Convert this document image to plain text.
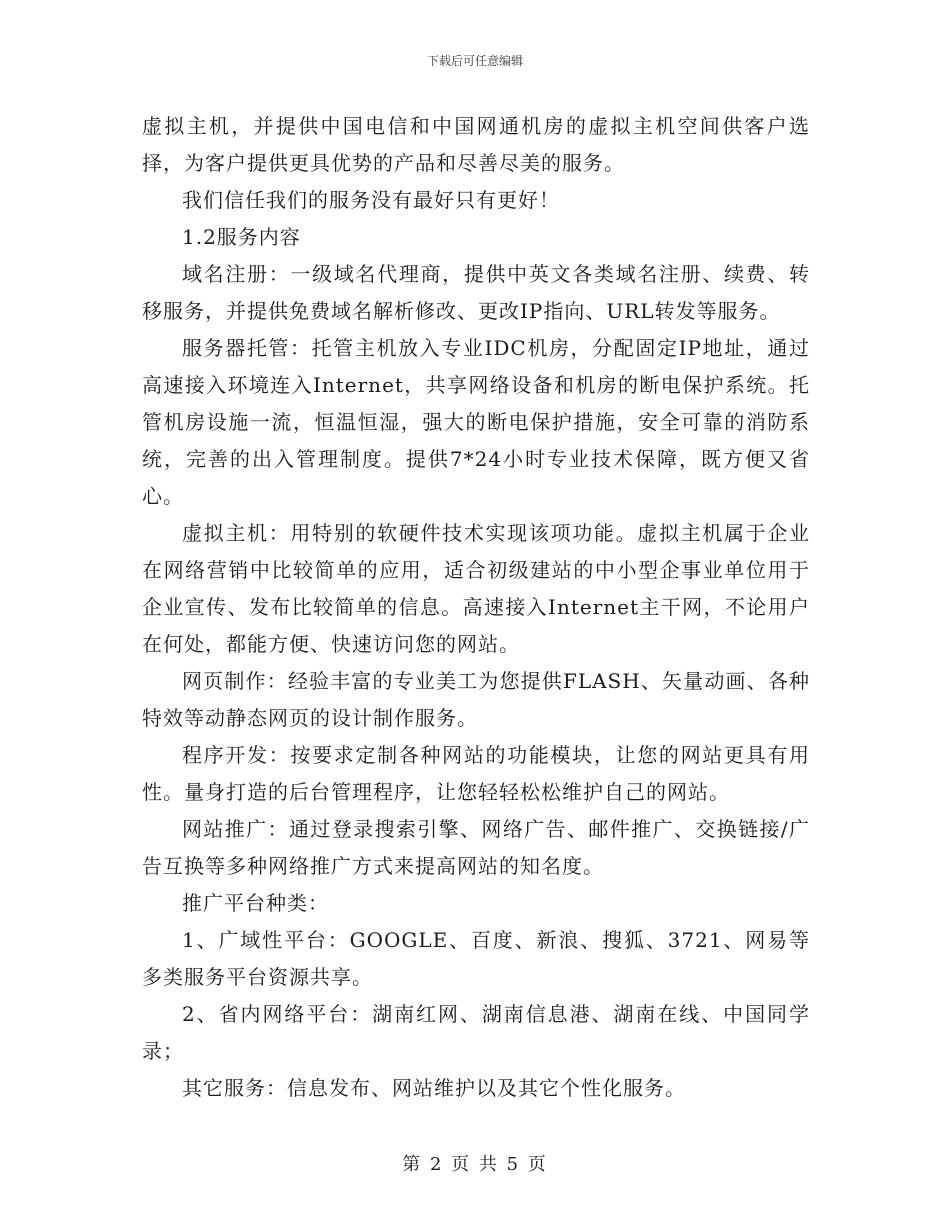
下载后可任意编辑

虚拟主机，并提供中国电信和中国网通机房的虚拟主机空间供客户选择，为客户提供更具优势的产品和尽善尽美的服务。

我们信任我们的服务没有最好只有更好！

1.2服务内容

域名注册：一级域名代理商，提供中英文各类域名注册、续费、转移服务，并提供免费域名解析修改、更改IP指向、URL转发等服务。

服务器托管：托管主机放入专业IDC机房，分配固定IP地址，通过高速接入环境连入Internet，共享网络设备和机房的断电保护系统。托管机房设施一流，恒温恒湿，强大的断电保护措施，安全可靠的消防系统，完善的出入管理制度。提供7*24小时专业技术保障，既方便又省心。

虚拟主机：用特别的软硬件技术实现该项功能。虚拟主机属于企业在网络营销中比较简单的应用，适合初级建站的中小型企事业单位用于企业宣传、发布比较简单的信息。高速接入Internet主干网，不论用户在何处，都能方便、快速访问您的网站。

网页制作：经验丰富的专业美工为您提供FLASH、矢量动画、各种特效等动静态网页的设计制作服务。

程序开发：按要求定制各种网站的功能模块，让您的网站更具有用性。量身打造的后台管理程序，让您轻轻松松维护自己的网站。

网站推广：通过登录搜索引擎、网络广告、邮件推广、交换链接/广告互换等多种网络推广方式来提高网站的知名度。

推广平台种类：

1、广域性平台：GOOGLE、百度、新浪、搜狐、3721、网易等多类服务平台资源共享。

2、省内网络平台：湖南红网、湖南信息港、湖南在线、中国同学录；

其它服务：信息发布、网站维护以及其它个性化服务。

第 2 页 共 5 页
